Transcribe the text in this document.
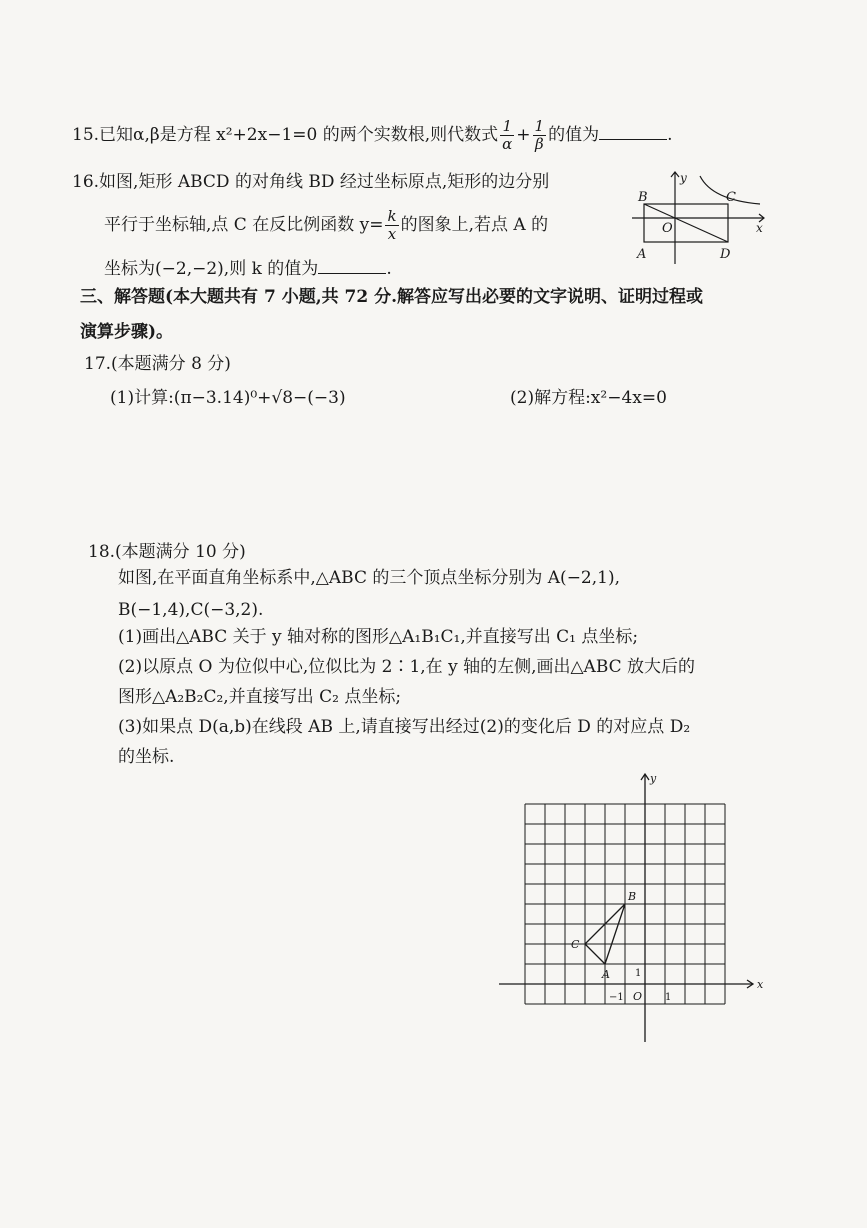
15.已知α,β是方程 x²+2x−1=0 的两个实数根,则代数式 $\frac{1}{\alpha} + \frac{1}{\beta}$ 的值为	.
16.如图,矩形 ABCD 的对角线 BD 经过坐标原点,矩形的边分别
平行于坐标轴,点 C 在反比例函数 $y= \frac{k}{x}$ 的图象上,若点 A 的
坐标为(−2,−2),则 k 的值为	.
y
x
B	C
O
A	D
三、解答题(本大题共有 7 小题,共 72 分.解答应写出必要的文字说明、证明过程或
演算步骤)。
17.(本题满分 8 分)
(1)计算:(π−3.14)⁰+√8−(−3)	(2)解方程:x²−4x=0
18.(本题满分 10 分)
如图,在平面直角坐标系中,△ABC 的三个顶点坐标分别为 A(−2,1),
B(−1,4),C(−3,2).
(1)画出△ABC 关于 y 轴对称的图形△A₁B₁C₁,并直接写出 C₁ 点坐标;
(2)以原点 O 为位似中心,位似比为 2∶1,在 y 轴的左侧,画出△ABC 放大后的
图形△A₂B₂C₂,并直接写出 C₂ 点坐标;
(3)如果点 D(a,b)在线段 AB 上,请直接写出经过(2)的变化后 D 的对应点 D₂
的坐标.
y
x
B
C
A
O
1
−1	1
